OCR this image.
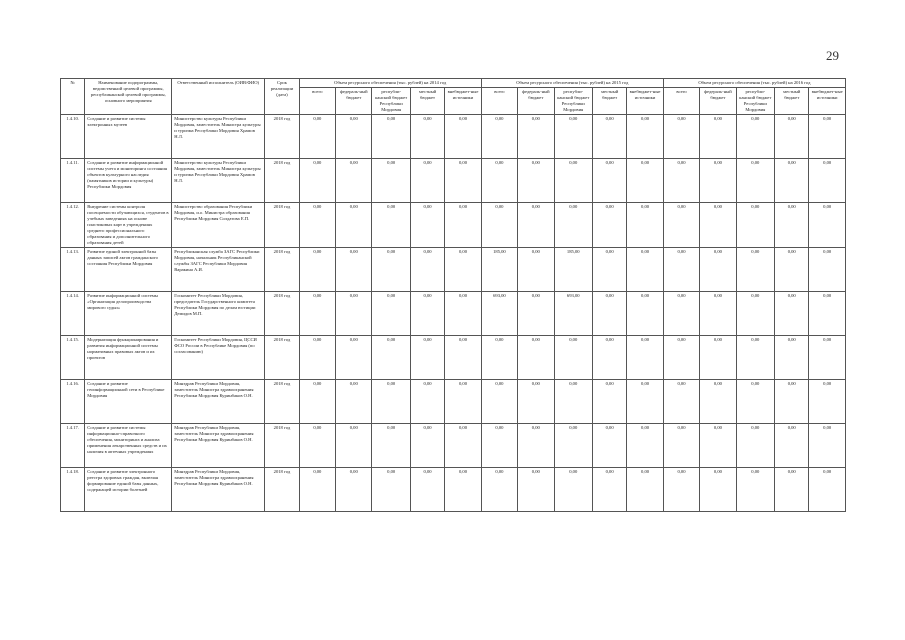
29
№	Наименование подпрограммы, ведомственной целевой программы, республиканской целевой программы, основного мероприятия	Ответственный исполнитель (ОИВ/ФИО)	Срок реализации (дата)	Объем ресурсного обеспечения (тыс. рублей) на 2014 год					Объем ресурсного обеспечения (тыс. рублей) на 2015 год					Объем ресурсного обеспечения (тыс. рублей) на 2016 год				
				всего	федераль-ный бюджет	республи-канский бюджет Республики Мордовия	местный бюджет	внебюджет-ные источники	всего	федераль-ный бюджет	республи-канский бюджет Республики Мордовия	местный бюджет	внебюджет-ные источники	всего	федераль-ный бюджет	республи-канский бюджет Республики Мордовия	местный бюджет	внебюджет-ные источники
1.4.10.	Создание и развитие системы электронных музеев	Министерство культуры Республики Мордовия, заместитель Министра культуры и туризма Республики Мордовия Храмов Н.Л.	2018 год	0,00	0,00	0,00	0,00	0,00	0,00	0,00	0,00	0,00	0,00	0,00	0,00	0,00	0,00	0,00
1.4.11.	Создание и развитие информационной системы учета и мониторинга состояния объектов культурного наследия (памятников истории и культуры) Республики Мордовия	Министерство культуры Республики Мордовия, заместитель Министра культуры и туризма Республики Мордовия Храмов Н.Л.	2018 год	0,00	0,00	0,00	0,00	0,00	0,00	0,00	0,00	0,00	0,00	0,00	0,00	0,00	0,00	0,00
1.4.12.	Внедрение системы контроля посещаемости обучающихся, студентов в учебных заведениях на основе пластиковых карт в учреждениях среднего профессионального образования и дополнительного образования детей	Министерство образования Республики Мордовия, и.о. Министра образования Республики Мордовия Солдатова Е.П.	2018 год	0,00	0,00	0,00	0,00	0,00	0,00	0,00	0,00	0,00	0,00	0,00	0,00	0,00	0,00	0,00
1.4.13.	Развитие единой электронной базы данных записей актов гражданского состояния Республики Мордовия	Республиканская служба ЗАГС Республики Мордовия, начальник Республиканской службы ЗАГС Республики Мордовия Варакина А.И.	2018 год	0,00	0,00	0,00	0,00	0,00	185,00	0,00	185,00	0,00	0,00	0,00	0,00	0,00	0,00	0,00
1.4.14.	Развитие информационной системы «Организация делопроизводства мирового судьи»	Госкомитет Республики Мордовия, председатель Государственного комитета Республики Мордовия по делам юстиции Демидов М.П.	2018 год	0,00	0,00	0,00	0,00	0,00	693,00	0,00	693,00	0,00	0,00	0,00	0,00	0,00	0,00	0,00
1.4.15.	Модернизация функционирования и развития информационной системы нормативных правовых актов и их проектов	Госкомитет Республики Мордовия, ЦССИ ФСО России в Республике Мордовия (по согласованию)	2018 год	0,00	0,00	0,00	0,00	0,00	0,00	0,00	0,00	0,00	0,00	0,00	0,00	0,00	0,00	0,00
1.4.16.	Создание и развитие геоинформационной сети в Республике Мордовия	Минздрав Республики Мордовия, заместитель Министра здравоохранения Республики Мордовия Куринбаков О.Н.	2018 год	0,00	0,00	0,00	0,00	0,00	0,00	0,00	0,00	0,00	0,00	0,00	0,00	0,00	0,00	0,00
1.4.17.	Создание и развитие системы информационно-справочного обеспечения, мониторинга и анализа применения лекарственных средств и их наличия в аптечных учреждениях	Минздрав Республики Мордовия, заместитель Министра здравоохранения Республики Мордовия Куринбаков О.Н.	2018 год	0,00	0,00	0,00	0,00	0,00	0,00	0,00	0,00	0,00	0,00	0,00	0,00	0,00	0,00	0,00
1.4.18.	Создание и развитие электронного реестра здоровых граждан, включая формирование единой базы данных, содержащей истории болезней	Минздрав Республики Мордовия, заместитель Министра здравоохранения Республики Мордовия Куринбаков О.Н.	2018 год	0,00	0,00	0,00	0,00	0,00	0,00	0,00	0,00	0,00	0,00	0,00	0,00	0,00	0,00	0,00
